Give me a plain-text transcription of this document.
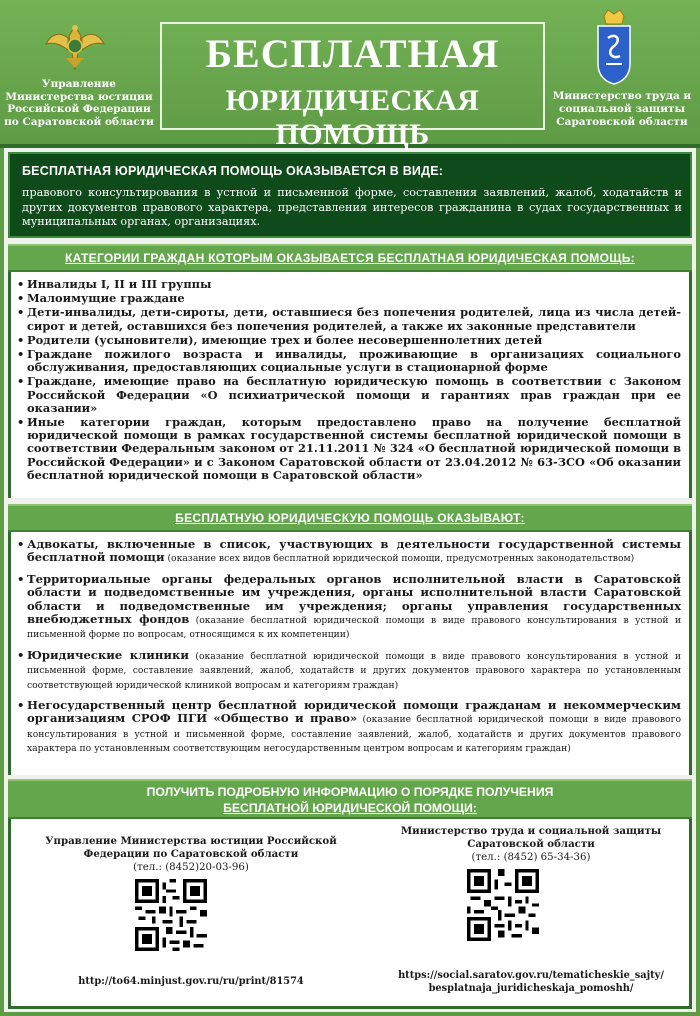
Управление Министерства юстиции Российской Федерации по Саратовской области
БЕСПЛАТНАЯ
ЮРИДИЧЕСКАЯ ПОМОЩЬ
Министерство труда и социальной защиты Саратовской области
БЕСПЛАТНАЯ ЮРИДИЧЕСКАЯ ПОМОЩЬ ОКАЗЫВАЕТСЯ В ВИДЕ:
правового консультирования в устной и письменной форме, составления заявлений, жалоб, ходатайств и других документов правового характера, представления интересов гражданина в судах государственных и муниципальных органах, организациях.
КАТЕГОРИИ ГРАЖДАН КОТОРЫМ ОКАЗЫВАЕТСЯ БЕСПЛАТНАЯ ЮРИДИЧЕСКАЯ ПОМОЩЬ:
• Инвалиды I, II и III группы
• Малоимущие граждане
• Дети-инвалиды, дети-сироты, дети, оставшиеся без попечения родителей, лица из числа детей-сирот и детей, оставшихся без попечения родителей, а также их законные представители
• Родители (усыновители), имеющие трех и более несовершеннолетних детей
• Граждане пожилого возраста и инвалиды, проживающие в организациях социального обслуживания, предоставляющих социальные услуги в стационарной форме
• Граждане, имеющие право на бесплатную юридическую помощь в соответствии с Законом Российской Федерации «О психиатрической помощи и гарантиях прав граждан при ее оказании»
• Иные категории граждан, которым предоставлено право на получение бесплатной юридической помощи в рамках государственной системы бесплатной юридической помощи в соответствии Федеральным законом от 21.11.2011 № 324 «О бесплатной юридической помощи в Российской Федерации» и с Законом Саратовской области от 23.04.2012 № 63-ЗСО «Об оказании бесплатной юридической помощи в Саратовской области»
БЕСПЛАТНУЮ ЮРИДИЧЕСКУЮ ПОМОЩЬ ОКАЗЫВАЮТ:
• Адвокаты, включенные в список, участвующих в деятельности государственной системы бесплатной помощи (оказание всех видов бесплатной юридической помощи, предусмотренных законодательством)
• Территориальные органы федеральных органов исполнительной власти в Саратовской области и подведомственные им учреждения, органы исполнительной власти Саратовской области и подведомственные им учреждения; органы управления государственных внебюджетных фондов (оказание бесплатной юридической помощи в виде правового консультирования в устной и письменной форме по вопросам, относящимся к их компетенции)
• Юридические клиники (оказание бесплатной юридической помощи в виде правового консультирования в устной и письменной форме, составление заявлений, жалоб, ходатайств и других документов правового характера по установленным соответствующей юридической клиникой вопросам и категориям граждан)
• Негосударственный центр бесплатной юридической помощи гражданам и некоммерческим организациям СРОФ ПГИ «Общество и право» (оказание бесплатной юридической помощи в виде правового консультирования в устной и письменной форме, составление заявлений, жалоб, ходатайств и других документов правового характера по установленным соответствующим негосударственным центром вопросам и категориям граждан)
ПОЛУЧИТЬ ПОДРОБНУЮ ИНФОРМАЦИЮ О ПОРЯДКЕ ПОЛУЧЕНИЯ
БЕСПЛАТНОЙ ЮРИДИЧЕСКОЙ ПОМОЩИ:
Управление Министерства юстиции Российской
Федерации по Саратовской области
(тел.: (8452)20-03-96)
http://to64.minjust.gov.ru/ru/print/81574
Министерство труда и социальной защиты
Саратовской области
(тел.: (8452) 65-34-36)
https://social.saratov.gov.ru/tematicheskie_sajty/
besplatnaja_juridicheskaja_pomoshh/
